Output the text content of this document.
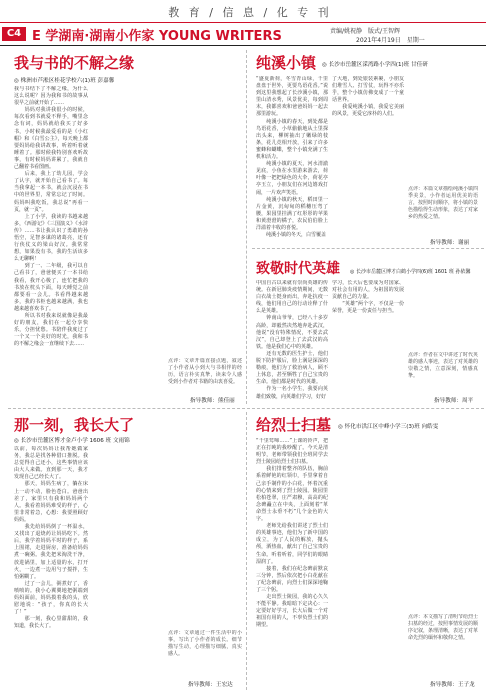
教 育 / 信 息 / 化 专 刊
C4 E 学湖南·湖南小作家 YOUNG WRITERS	责编/姚祝静　版式/王智辉
2021年4月19日　星期一
我与书的不解之缘
◎ 株洲市芦淞区桂花学校六(1)班 彭嘉馨
我与书结下了不解之缘，为什么这么说呢？因为我和书的故事从很早之前就开始了……
　　妈妈对我讲我很小的时候，每次看到书就爱不释手，嘴里念念有词，妈妈就给我买了好多书，小时候我最爱看的是《小红帽》和《白雪公主》，每天晚上都要妈妈给我讲故事，听着听着就睡着了。那时候我特别喜欢听故事，有时候妈妈讲累了，我就自己翻着书看图画。
　　后来，我上了幼儿园，学会了认字，就开始自己看书了。每当我拿起一本书，就会沉浸在书中的世界里，常常忘记了时间。妈妈叫我吃饭，我总说“再看一页，就一页”。
　　上了小学，我读的书越来越多，《西游记》《三国演义》《水浒传》……书让我认识了勇敢的孙悟空，足智多谋的诸葛亮，还有行侠仗义的梁山好汉。我常常想，如果没有书，我的生活该多么无聊啊！
　　到了一、二年级，我可以自己看书了，爸爸便买了一本书给我看，我开心极了，连忙把我的书放在枕头下面，每天睡觉之前都要看一会儿。书看得越来越多，我的书柜也越来越满，我也越来越喜欢书了。
　　所以书对我来说就像是我最好的朋友，我们在一起分享快乐，分担忧愁。书陪伴我度过了一个又一个美好的时光，我和书的不解之缘会一直继续下去……
点评：文章开篇直接点题，叙述了小作者从小到大与书相伴的经历，语言朴实真挚，读来令人感受到小作者对书籍的由衷喜爱。
指导教师：熊佳丽
纯溪小镇 ◎ 长沙市岳麓区溁湾路小学四(1)班 甘佳研
“盛夏新荷，冬雪青山绿，千里盘盘于世外，更要鸟语花香。”说到这里我想起了长沙溪小镇，那里山清水秀，风景优美，每到周末，我都喜欢和爸爸妈妈一起去那里游玩。
　　纯溪小镇的春天，到处都是鸟语花香，小草偷偷地从土里探出头来，柳树抽出了嫩绿的枝条，花儿竞相开放，引来了许多蜜蜂和蝴蝶，整个小镇充满了生机和活力。
　　纯溪小镇的夏天，河水清澈见底，小鱼在水里游来游去，荷叶像一把把绿色的大伞，荷花亭亭玉立，小朋友们在河边嬉戏打闹，一片欢声笑语。
　　纯溪小镇的秋天，稻田里一片金黄，沉甸甸的稻穗压弯了腰，果园里挂满了红彤彤的苹果和黄澄澄的橘子，农民伯伯脸上洋溢着丰收的喜悦。
　　纯溪小镇的冬天，白雪覆盖
了大地，到处银装素裹，小朋友们堆雪人、打雪仗，玩得不亦乐乎，整个小镇仿佛变成了一个童话世界。
　　我爱纯溪小镇，我爱它美丽的风景，更爱它淳朴的人们。
点评：本篇文章描绘纯溪小镇四季美景，小作者运用优美的语言，按照时间顺序，将小镇的景色描绘得生动形象，表达了对家乡的热爱之情。
指导教师：谢丽
致敬时代英雄 ◎ 长沙市岳麓区博才白鹤小学四(6)班 1601 班 孙依馨
中国自古以来就有崇尚英雄的传统。在新冠肺炎疫情期间，无数白衣战士挺身而出，奔赴抗疫一线，他们用自己的行动诠释了什么是英雄。
　　钟南山爷爷，已经八十多岁高龄，却毅然决然地奔赴武汉，他说“没有特殊情况，不要去武汉”，自己却登上了去武汉的高铁。他是我们心中的英雄。
　　还有无数的医生护士，他们脱下防护服后，脸上满是深深的勒痕，他们为了救治病人，顾不上休息，甚至牺牲了自己宝贵的生命。他们都是时代的英雄。
　　作为一名小学生，我要向英雄们致敬，向英雄们学习，好好
学习，长大后也要成为对国家、对社会有用的人，为祖国的发展贡献自己的力量。
　　“英雄”两个字，不仅是一份荣誉，更是一份责任与担当。
点评：作者在文中讲述了时代英雄的感人事迹，表达了对英雄的崇敬之情，立意深刻，情感真挚。
指导教师：周平
那一刻，我长大了
◎ 长沙市岳麓区博才金卢小学 1606 班 文雨锦
以前，每次妈妈让我帮她做家务，我总是找各种借口推脱。我总觉得自己还小，这些事情应该由大人来做。直到那一天，我才发现自己已经长大了。
　　那天，妈妈生病了，躺在床上一动不动，脸色苍白。爸爸出差了，家里只有我和妈妈两个人。我看着妈妈难受的样子，心里非常着急，心想：我要照顾好妈妈。
　　我先给妈妈倒了一杯温水，又找出了退烧药让妈妈吃下。然后，我学着妈妈平时的样子，系上围裙，走进厨房，准备给妈妈煮一碗粥。我先把米淘洗干净，放进锅里，加上适量的水，打开火，一边煮一边用勺子搅拌，生怕粥糊了。
　　过了一会儿，粥煮好了，香喷喷的。我小心翼翼地把粥端到妈妈面前，妈妈摸着我的头，欣慰地说：“孩子，你真的长大了！”
　　那一刻，我心里甜甜的，我知道，我长大了。
点评：文章通过一件生活中的小事，写出了小作者的成长。细节描写生动，心理描写细腻，真实感人。
指导教师：王宏达
给烈士扫墓 ◎ 怀化市洪江区中峰小学三(3)班 向皓雯
“千里莺啼……”上课的铃声，把正在打盹的我吵醒了。今天是清明节，老师带领我们全班同学去烈士陵园给烈士们扫墓。
　　我们排着整齐的队伍，胸前系着鲜艳的红领巾，手里拿着自己亲手制作的小白花，怀着沉重的心情来到了烈士陵园。陵园里松柏苍翠，庄严肃穆，高高的纪念碑矗立在中央，上面刻着“革命烈士永垂不朽”几个金色的大字。
　　老师先给我们讲述了烈士们的英雄事迹，他们为了新中国的成立，为了人民的解放，抛头颅，洒热血，献出了自己宝贵的生命。听着听着，同学们的眼睛湿润了。
　　接着，我们在纪念碑前默哀三分钟，然后依次把小白花献在了纪念碑前，向烈士们深深地鞠了三个躬。
　　走出烈士陵园，我的心久久不能平静。我暗暗下定决心：一定要好好学习，长大后做一个对祖国有用的人，不辜负烈士们的期望。
点评：本文描写了清明节给烈士扫墓的经过，按照事情发展的顺序记叙，条理清晰，表达了对革命先烈的缅怀和敬仰之情。
指导教师：王子龙
